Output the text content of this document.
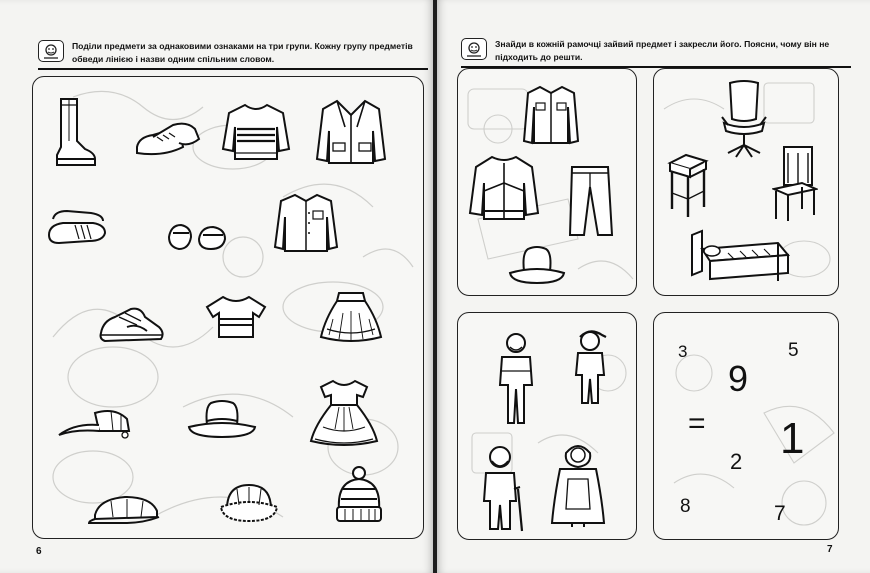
Поділи предмети за однаковими ознаками на три групи. Кожну групу предметів
обведи лінією і назви одним спільним словом.
6
Знайди в кожній рамочці зайвий предмет і закресли його. Поясни, чому він не
підходить до решти.
3	5
9
= 1
2
8	7
7
